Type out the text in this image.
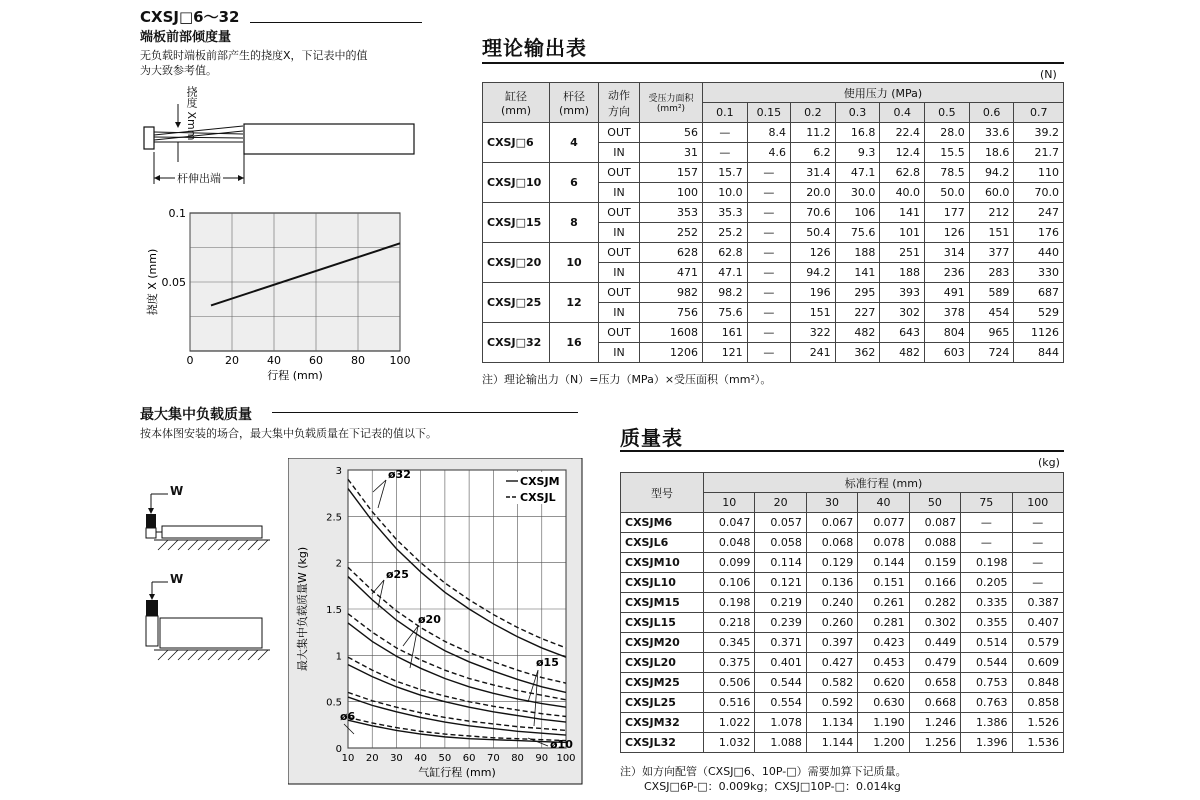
CXSJ□6～32
端板前部倾度量
无负载时端板前部产生的挠度X，下记表中的值
为大致参考值。
挠度 Xmm
杆伸出端
0	20	40	60	80 100
0.1
0.05
行程 (mm)
挠度 X (mm)
理论输出表
(N)
缸径
(mm)	杆径
(mm)	动作
方向	受压力面积
(mm²)	使用压力 (MPa)							
				0.1	0.15	0.2	0.3	0.4	0.5	0.6	0.7
CXSJ□6	4	OUT	56	—	8.4	11.2	16.8	22.4	28.0	33.6	39.2
		IN	31	—	4.6	6.2	9.3	12.4	15.5	18.6	21.7
CXSJ□10	6	OUT	157	15.7	—	31.4	47.1	62.8	78.5	94.2	110
		IN	100	10.0	—	20.0	30.0	40.0	50.0	60.0	70.0
CXSJ□15	8	OUT	353	35.3	—	70.6	106	141	177	212	247
		IN	252	25.2	—	50.4	75.6	101	126	151	176
CXSJ□20	10	OUT	628	62.8	—	126	188	251	314	377	440
		IN	471	47.1	—	94.2	141	188	236	283	330
CXSJ□25	12	OUT	982	98.2	—	196	295	393	491	589	687
		IN	756	75.6	—	151	227	302	378	454	529
CXSJ□32	16	OUT	1608	161	—	322	482	643	804	965	1126
		IN	1206	121	—	241	362	482	603	724	844
注）理论输出力（N）=压力（MPa）×受压面积（mm²）。
最大集中负载质量
按本体图安装的场合，最大集中负载质量在下记表的值以下。
W
W
10 20 30 40 50 60 70 80 90 100
0
0.5
1
1.5
2
2.5
3	ø32
ø25
ø20
ø15
ø6
ø10
CXSJM
CXSJL
气缸行程 (mm)
最大集中负载质量W (kg)
质量表
(kg)
型号	标准行程 (mm)						
	10	20	30	40	50	75	100
CXSJM6	0.047	0.057	0.067	0.077	0.087	—	—
CXSJL6	0.048	0.058	0.068	0.078	0.088	—	—
CXSJM10	0.099	0.114	0.129	0.144	0.159	0.198	—
CXSJL10	0.106	0.121	0.136	0.151	0.166	0.205	—
CXSJM15	0.198	0.219	0.240	0.261	0.282	0.335	0.387
CXSJL15	0.218	0.239	0.260	0.281	0.302	0.355	0.407
CXSJM20	0.345	0.371	0.397	0.423	0.449	0.514	0.579
CXSJL20	0.375	0.401	0.427	0.453	0.479	0.544	0.609
CXSJM25	0.506	0.544	0.582	0.620	0.658	0.753	0.848
CXSJL25	0.516	0.554	0.592	0.630	0.668	0.763	0.858
CXSJM32	1.022	1.078	1.134	1.190	1.246	1.386	1.526
CXSJL32	1.032	1.088	1.144	1.200	1.256	1.396	1.536
注）如方向配管（CXSJ□6、10P-□）需要加算下记质量。
CXSJ□6P-□：0.009kg；CXSJ□10P-□：0.014kg
